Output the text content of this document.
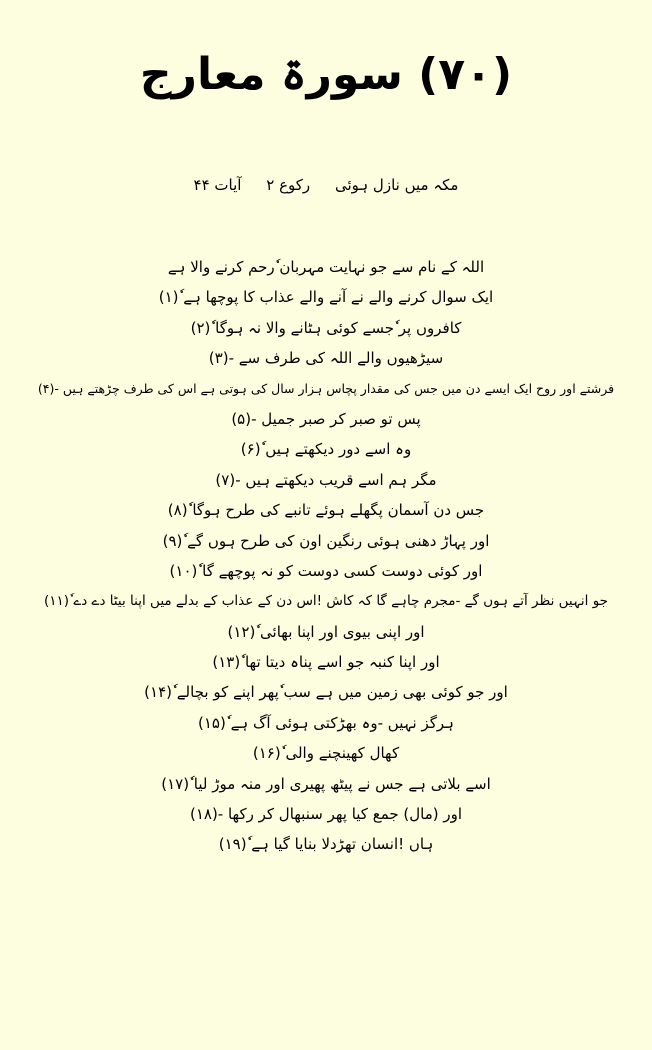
(۷۰) سورۃ معارج
مکہ میں نازل ہوئی رکوع ۲ آیات ۴۴
اللہ کے نام سے جو نہایت مہربان ٗرحم کرنے والا ہے
ایک سوال کرنے والے نے آنے والے عذاب کا پوچھا ہے ٗ(۱)
کافروں پر ٗجسے کوئی ہٹانے والا نہ ہوگا ٗ(۲)
سیڑھیوں والے اللہ کی طرف سے -(۳)
فرشتے اور روح ایک ایسے دن میں جس کی مقدار پچاس ہزار سال کی ہوتی ہے اس کی طرف چڑھتے ہیں -(۴)
پس تو صبر کر صبر جمیل -(۵)
وہ اسے دور دیکھتے ہیں ٗ(۶)
مگر ہم اسے قریب دیکھتے ہیں -(۷)
جس دن آسمان پگھلے ہوئے تانبے کی طرح ہوگا ٗ(۸)
اور پہاڑ دھنی ہوئی رنگین اون کی طرح ہوں گے ٗ(۹)
اور کوئی دوست کسی دوست کو نہ پوچھے گا ٗ(۱۰)
جو انہیں نظر آتے ہوں گے -مجرم چاہے گا کہ کاش !اس دن کے عذاب کے بدلے میں اپنا بیٹا دے دے ٗ(۱۱)
اور اپنی بیوی اور اپنا بھائی ٗ(۱۲)
اور اپنا کنبہ جو اسے پناہ دیتا تھا ٗ(۱۳)
اور جو کوئی بھی زمین میں ہے سب ٗپھر اپنے کو بچالے ٗ(۱۴)
ہرگز نہیں -وہ بھڑکتی ہوئی آگ ہے ٗ(۱۵)
کھال کھینچنے والی ٗ(۱۶)
اسے بلاتی ہے جس نے پیٹھ پھیری اور منہ موڑ لیا ٗ(۱۷)
اور (مال) جمع کیا پھر سنبھال کر رکھا -(۱۸)
ہاں !انسان تھڑدلا بنایا گیا ہے ٗ(۱۹)
